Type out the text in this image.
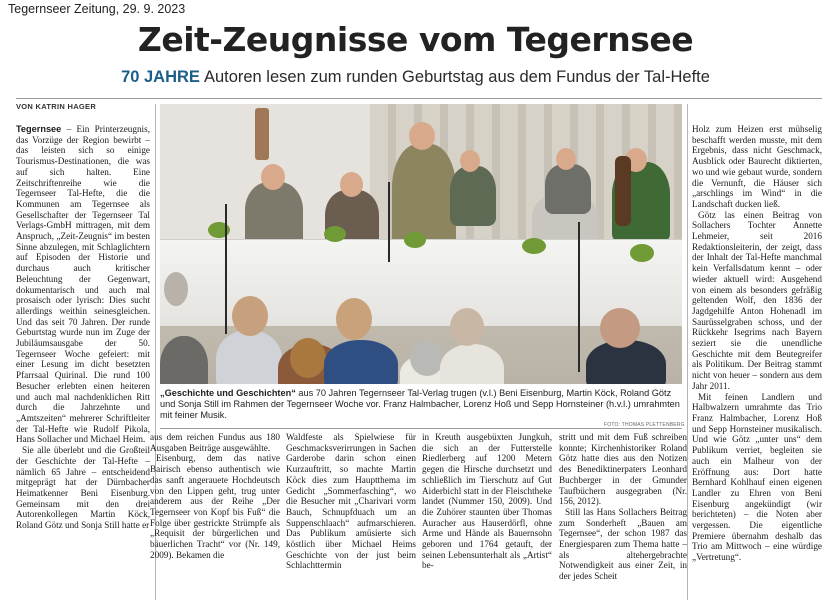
Tegernseer Zeitung, 29. 9. 2023
Zeit-Zeugnisse vom Tegernsee
70 JAHRE Autoren lesen zum runden Geburtstag aus dem Fundus der Tal-Hefte
VON KATRIN HAGER
„Geschichte und Geschichten“ aus 70 Jahren Tegernseer Tal-Verlag trugen (v.l.) Beni Eisenburg, Martin Köck, Roland Götz und Sonja Still im Rahmen der Tegernseer Woche vor. Franz Halmbacher, Lorenz Hoß und Sepp Hornsteiner (h.v.l.) umrahmten mit feiner Musik.
FOTO: THOMAS PLETTENBERG

Tegernsee – Ein Printerzeugnis, das Vorzüge der Region bewirbt – das leisten sich so einige Tourismus-Destinationen, die was auf sich halten. Eine Zeitschriftenreihe wie die Tegernseer Tal-Hefte, die die Kommunen am Tegernsee als Gesellschafter der Tegernseer Tal Verlags-GmbH mittragen, mit dem Anspruch, „Zeit-Zeugnis“ im besten Sinne abzulegen, mit Schlaglichtern auf Episoden der Historie und durchaus auch kritischer Beleuchtung der Gegenwart, dokumentarisch und auch mal prosaisch oder lyrisch: Dies sucht allerdings weithin seinesgleichen. Und das seit 70 Jahren. Der runde Geburtstag wurde nun im Zuge der Jubiläumsausgabe der 50. Tegernseer Woche gefeiert: mit einer Lesung im dicht besetzten Pfarrsaal Quirinal. Die rund 100 Besucher erlebten einen heiteren und auch mal nachdenklichen Ritt durch die Jahrzehnte und „Amtszeiten“ mehrerer Schriftleiter der Tal-Hefte wie Rudolf Pikola, Hans Sollacher und Michael Heim.

Sie alle überlebt und die Großteil der Geschichte der Tal-Hefte – nämlich 65 Jahre – entscheidend mitgeprägt hat der Dürnbacher Heimatkenner Beni Eisenburg. Gemeinsam mit den drei Autorenkollegen Martin Köck, Roland Götz und Sonja Still hatte er

aus dem reichen Fundus aus 180 Ausgaben Beiträge ausgewählte.

Eisenburg, dem das native Bairisch ebenso authentisch wie das sanft angerauete Hochdeutsch von den Lippen geht, trug unter anderem aus der Reihe „Der Tegernseer von Kopf bis Fuß“ die Folge über gestrickte Strümpfe als „Requisit der bürgerlichen und bäuerlichen Tracht“ vor (Nr. 149, 2009). Bekamen die

Waldfeste als Spielwiese für Geschmacksverirrungen in Sachen Garderobe darin schon einen Kurzauftritt, so machte Martin Köck dies zum Hauptthema im Gedicht „Sommerfasching“, wo die Besucher mit „Charivari vorm Bauch, Schnupfduach um an Suppenschlaach“ aufmarschieren. Das Publikum amüsierte sich köstlich über Michael Heims Geschichte von der just beim Schlachttermin

in Kreuth ausgebüxten Jungkuh, die sich an der Futterstelle Riedlerberg auf 1200 Metern gegen die Hirsche durchsetzt und schließlich im Tierschutz auf Gut Aiderbichl statt in der Fleischtheke landet (Nummer 150, 2009). Und die Zuhörer staunten über Thomas Auracher aus Hauserdörfl, ohne Arme und Hände als Bauernsohn geboren und 1764 getauft, der seinen Lebensunterhalt als „Artist“ be-

stritt und mit dem Fuß schreiben konnte; Kirchenhistoriker Roland Götz hatte dies aus den Notizen des Benediktinerpaters Leonhard Buchberger in der Gmunder Taufbüchern ausgegraben (Nr. 156, 2012).

Still las Hans Sollachers Beitrag zum Sonderheft „Bauen am Tegernsee“, der schon 1987 das Energiesparen zum Thema hatte – als altehergebrachte Notwendigkeit aus einer Zeit, in der jedes Scheit

Holz zum Heizen erst mühselig beschafft werden musste, mit dem Ergebnis, dass nicht Geschmack, Ausblick oder Baurecht diktierten, wo und wie gebaut wurde, sondern die Vernunft, die Häuser sich „arschlings im Wind“ in die Landschaft ducken ließ.

Götz las einen Beitrag von Sollachers Tochter Annette Lehmeier, seit 2016 Redaktionsleiterin, der zeigt, dass der Inhalt der Tal-Hefte manchmal kein Verfallsdatum kennt – oder wieder aktuell wird: Ausgehend von einem als besonders gefräßig geltenden Wolf, den 1836 der Jagdgehilfe Anton Hohenadl im Saurüsselgraben schoss, und der Rückkehr Isegrims nach Bayern seziert sie die unendliche Geschichte mit dem Beutegreifer als Politikum. Der Beitrag stammt nicht von heuer – sondern aus dem Jahr 2011.

Mit feinen Landlern und Halbwalzern umrahmte das Trio Franz Halmbacher, Lorenz Hoß und Sepp Hornsteiner musikalisch. Und wie Götz „unter uns“ dem Publikum verriet, begleiten sie auch ein Malheur von der Eröffnung aus: Dort hatte Bernhard Kohlhauf einen eigenen Landler zu Ehren von Beni Eisenburg angekündigt (wir berichteten) – die Noten aber vergessen. Die eigentliche Premiere übernahm deshalb das Trio am Mittwoch – eine würdige „Vertretung“.
